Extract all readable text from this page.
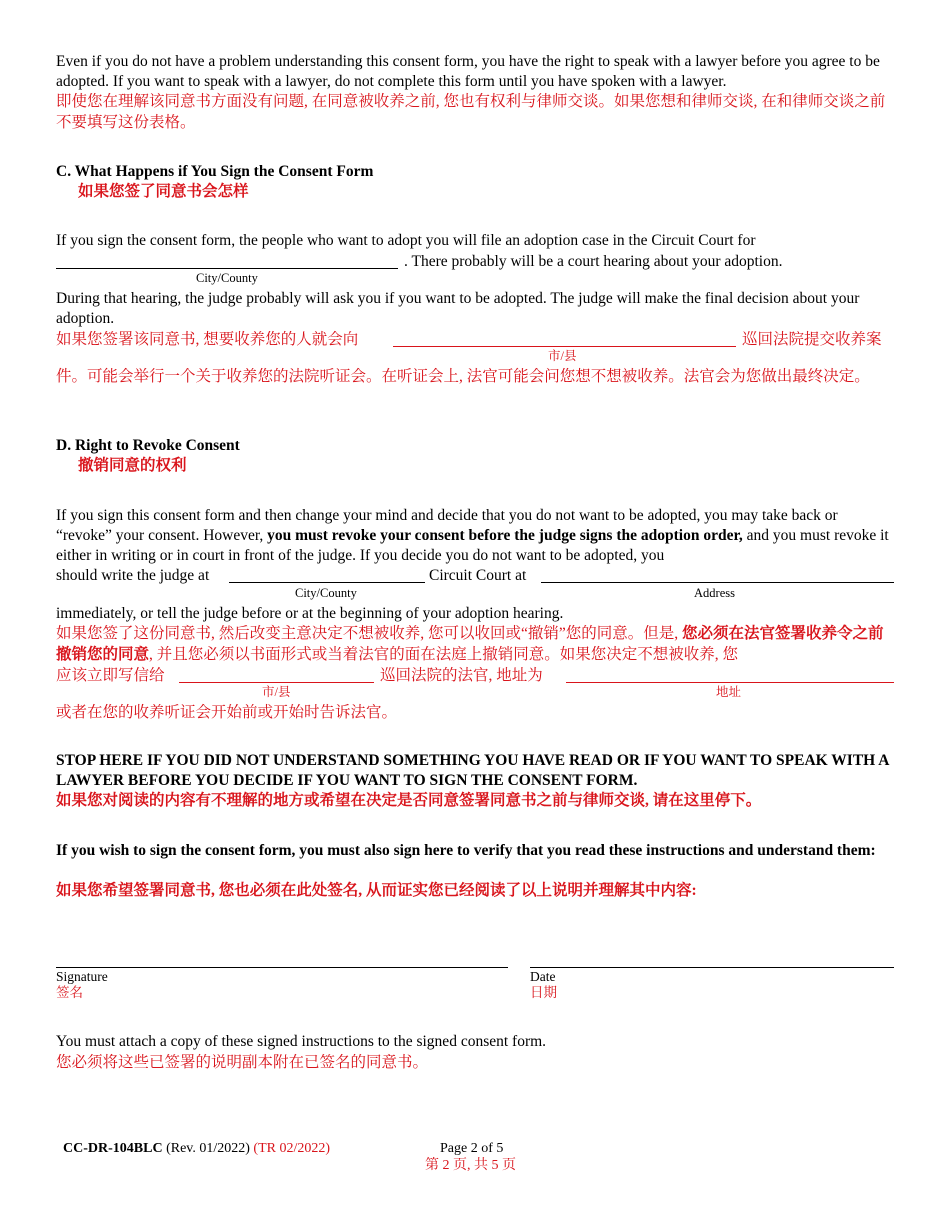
Even if you do not have a problem understanding this consent form, you have the right to speak with a lawyer before you agree to be adopted. If you want to speak with a lawyer, do not complete this form until you have spoken with a lawyer.
即使您在理解该同意书方面没有问题, 在同意被收养之前, 您也有权利与律师交谈。如果您想和律师交谈, 在和律师交谈之前不要填写这份表格。
C. What Happens if You Sign the Consent Form
如果您签了同意书会怎样
If you sign the consent form, the people who want to adopt you will file an adoption case in the Circuit Court for
. There probably will be a court hearing about your adoption.
City/County
During that hearing, the judge probably will ask you if you want to be adopted. The judge will make the final decision about your adoption.
如果您签署该同意书, 想要收养您的人就会向	巡回法院提交收养案
市/县
件。可能会举行一个关于收养您的法院听证会。在听证会上, 法官可能会问您想不想被收养。法官会为您做出最终决定。
D. Right to Revoke Consent
撤销同意的权利
If you sign this consent form and then change your mind and decide that you do not want to be adopted, you may take back or “revoke” your consent. However, you must revoke your consent before the judge signs the adoption order, and you must revoke it either in writing or in court in front of the judge. If you decide you do not want to be adopted, you
should write the judge at	Circuit Court at
City/County	Address
immediately, or tell the judge before or at the beginning of your adoption hearing.
如果您签了这份同意书, 然后改变主意决定不想被收养, 您可以收回或“撤销”您的同意。但是, 您必须在法官签署收养令之前撤销您的同意, 并且您必须以书面形式或当着法官的面在法庭上撤销同意。如果您决定不想被收养, 您
应该立即写信给	巡回法院的法官, 地址为
市/县	地址
或者在您的收养听证会开始前或开始时告诉法官。
STOP HERE IF YOU DID NOT UNDERSTAND SOMETHING YOU HAVE READ OR IF YOU WANT TO SPEAK WITH A LAWYER BEFORE YOU DECIDE IF YOU WANT TO SIGN THE CONSENT FORM.
如果您对阅读的内容有不理解的地方或希望在决定是否同意签署同意书之前与律师交谈, 请在这里停下。
If you wish to sign the consent form, you must also sign here to verify that you read these instructions and understand them:
如果您希望签署同意书, 您也必须在此处签名, 从而证实您已经阅读了以上说明并理解其中内容:
Signature
签名
Date
日期
You must attach a copy of these signed instructions to the signed consent form.
您必须将这些已签署的说明副本附在已签名的同意书。
CC-DR-104BLC (Rev. 01/2022) (TR 02/2022)	Page 2 of 5
第 2 页, 共 5 页
